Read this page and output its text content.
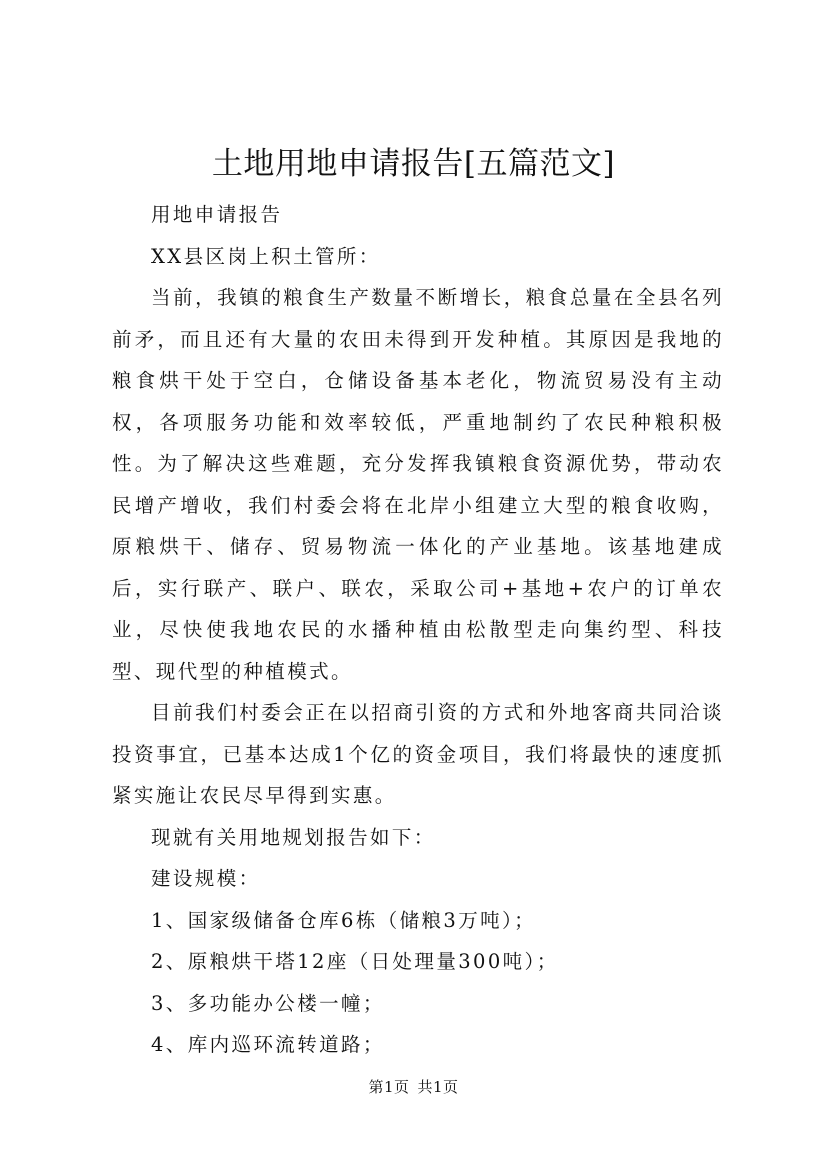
土地用地申请报告[五篇范文]

用地申请报告

XX县区岗上积土管所：

当前，我镇的粮食生产数量不断增长，粮食总量在全县名列前矛，而且还有大量的农田未得到开发种植。其原因是我地的粮食烘干处于空白，仓储设备基本老化，物流贸易没有主动权，各项服务功能和效率较低，严重地制约了农民种粮积极性。为了解决这些难题，充分发挥我镇粮食资源优势，带动农民增产增收，我们村委会将在北岸小组建立大型的粮食收购，原粮烘干、储存、贸易物流一体化的产业基地。该基地建成后，实行联产、联户、联农，采取公司+基地+农户的订单农业，尽快使我地农民的水播种植由松散型走向集约型、科技型、现代型的种植模式。

目前我们村委会正在以招商引资的方式和外地客商共同洽谈投资事宜，已基本达成1个亿的资金项目，我们将最快的速度抓紧实施让农民尽早得到实惠。

现就有关用地规划报告如下：

建设规模：

1、国家级储备仓库6栋（储粮3万吨）；

2、原粮烘干塔12座（日处理量300吨）；

3、多功能办公楼一幢；

4、库内巡环流转道路；

第1页 共1页
